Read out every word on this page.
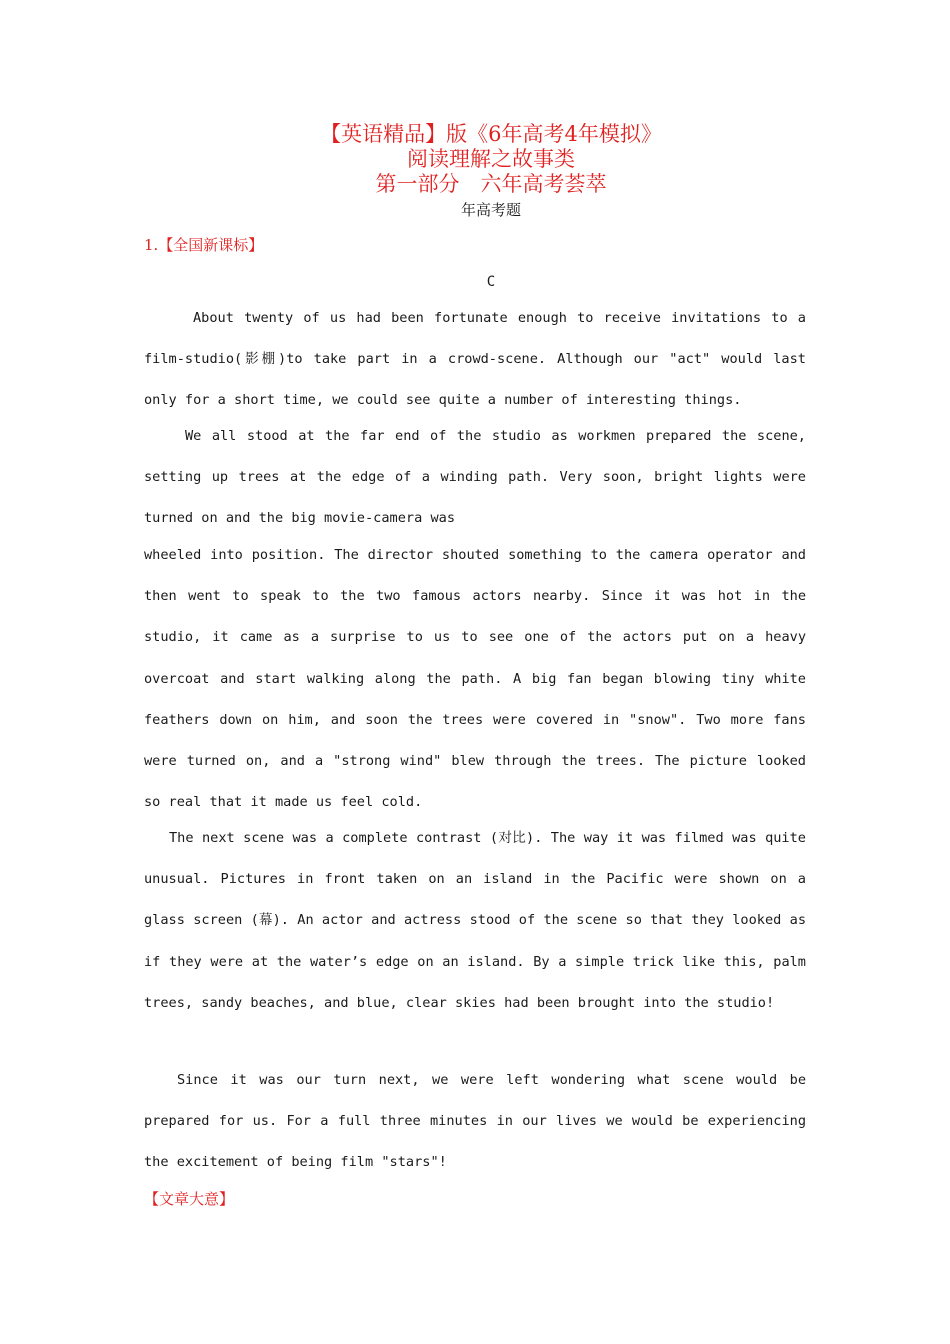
【英语精品】版《6年高考4年模拟》
阅读理解之故事类
第一部分　六年高考荟萃
年高考题
1.【全国新课标】
C
About twenty of us had been fortunate enough to receive invitations to a film-studio(影棚)to take part in a crowd-scene. Although our "act" would last only for a short time, we could see quite a number of interesting things.
We all stood at the far end of the studio as workmen prepared the scene, setting up trees at the edge of a winding path. Very soon, bright lights were turned on and the big movie-camera was
wheeled into position. The director shouted something to the camera operator and then went to speak to the two famous actors nearby. Since it was hot in the studio, it came as a surprise to us to see one of the actors put on a heavy overcoat and start walking along the path. A big fan began blowing tiny white feathers down on him, and soon the trees were covered in "snow". Two more fans were turned on, and a "strong wind" blew through the trees. The picture looked so real that it made us feel cold.
The next scene was a complete contrast (对比). The way it was filmed was quite unusual. Pictures in front taken on an island in the Pacific were shown on a glass screen (幕). An actor and actress stood of the scene so that they looked as if they were at the water’s edge on an island. By a simple trick like this, palm trees, sandy beaches, and blue, clear skies had been brought into the studio!
Since it was our turn next, we were left wondering what scene would be prepared for us. For a full three minutes in our lives we would be experiencing the excitement of being film "stars"!
【文章大意】
